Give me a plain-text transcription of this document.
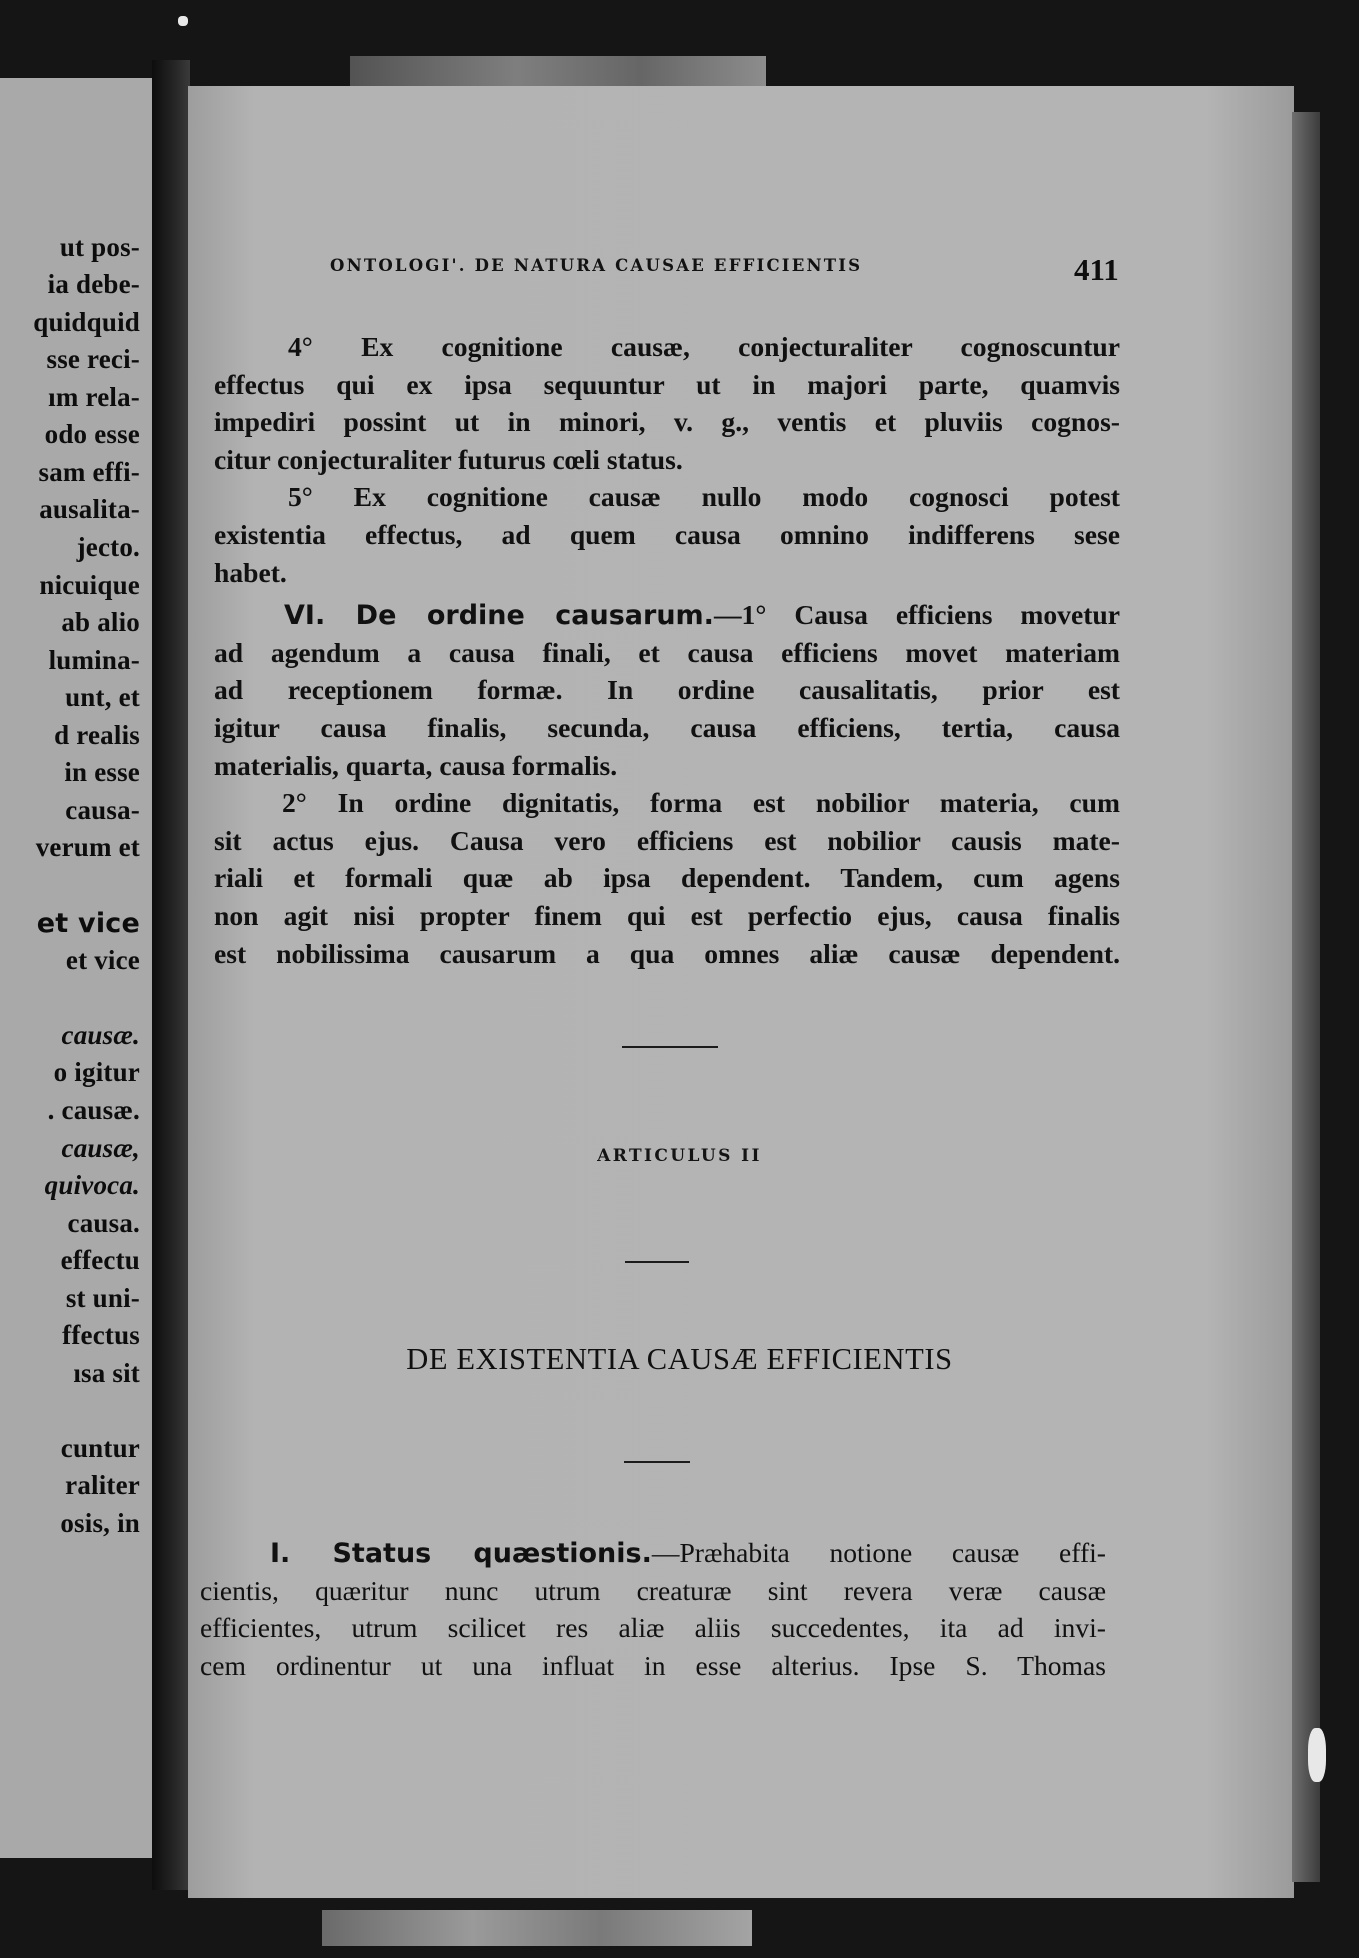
ut pos-
ia debe-
quidquid
sse reci-
ım rela-
odo esse
sam effi-
ausalita-
jecto.
nicuique
ab alio
lumina-
unt, et
d realis
in esse
causa-
verum et
et vice
et vice
causæ.
o igitur
. causæ.
causæ,
quivoca.
causa.
effectu
st uni-
ffectus
ısa sit
cuntur
raliter
osis, in
ONTOLOGI'. DE NATURA CAUSAE EFFICIENTIS	411
4° Ex cognitione causæ, conjecturaliter cognoscuntur
effectus qui ex ipsa sequuntur ut in majori parte, quamvis
impediri possint ut in minori, v. g., ventis et pluviis cognos-
citur conjecturaliter futurus cœli status.
5° Ex cognitione causæ nullo modo cognosci potest
existentia effectus, ad quem causa omnino indifferens sese
habet.
VI. De ordine causarum.—1° Causa efficiens movetur
ad agendum a causa finali, et causa efficiens movet materiam
ad receptionem formæ. In ordine causalitatis, prior est
igitur causa finalis, secunda, causa efficiens, tertia, causa
materialis, quarta, causa formalis.
2° In ordine dignitatis, forma est nobilior materia, cum
sit actus ejus. Causa vero efficiens est nobilior causis mate-
riali et formali quæ ab ipsa dependent. Tandem, cum agens
non agit nisi propter finem qui est perfectio ejus, causa finalis
est nobilissima causarum a qua omnes aliæ causæ dependent.
ARTICULUS II
DE EXISTENTIA CAUSÆ EFFICIENTIS
I. Status quæstionis.—Præhabita notione causæ effi-
cientis, quæritur nunc utrum creaturæ sint revera veræ causæ
efficientes, utrum scilicet res aliæ aliis succedentes, ita ad invi-
cem ordinentur ut una influat in esse alterius. Ipse S. Thomas
